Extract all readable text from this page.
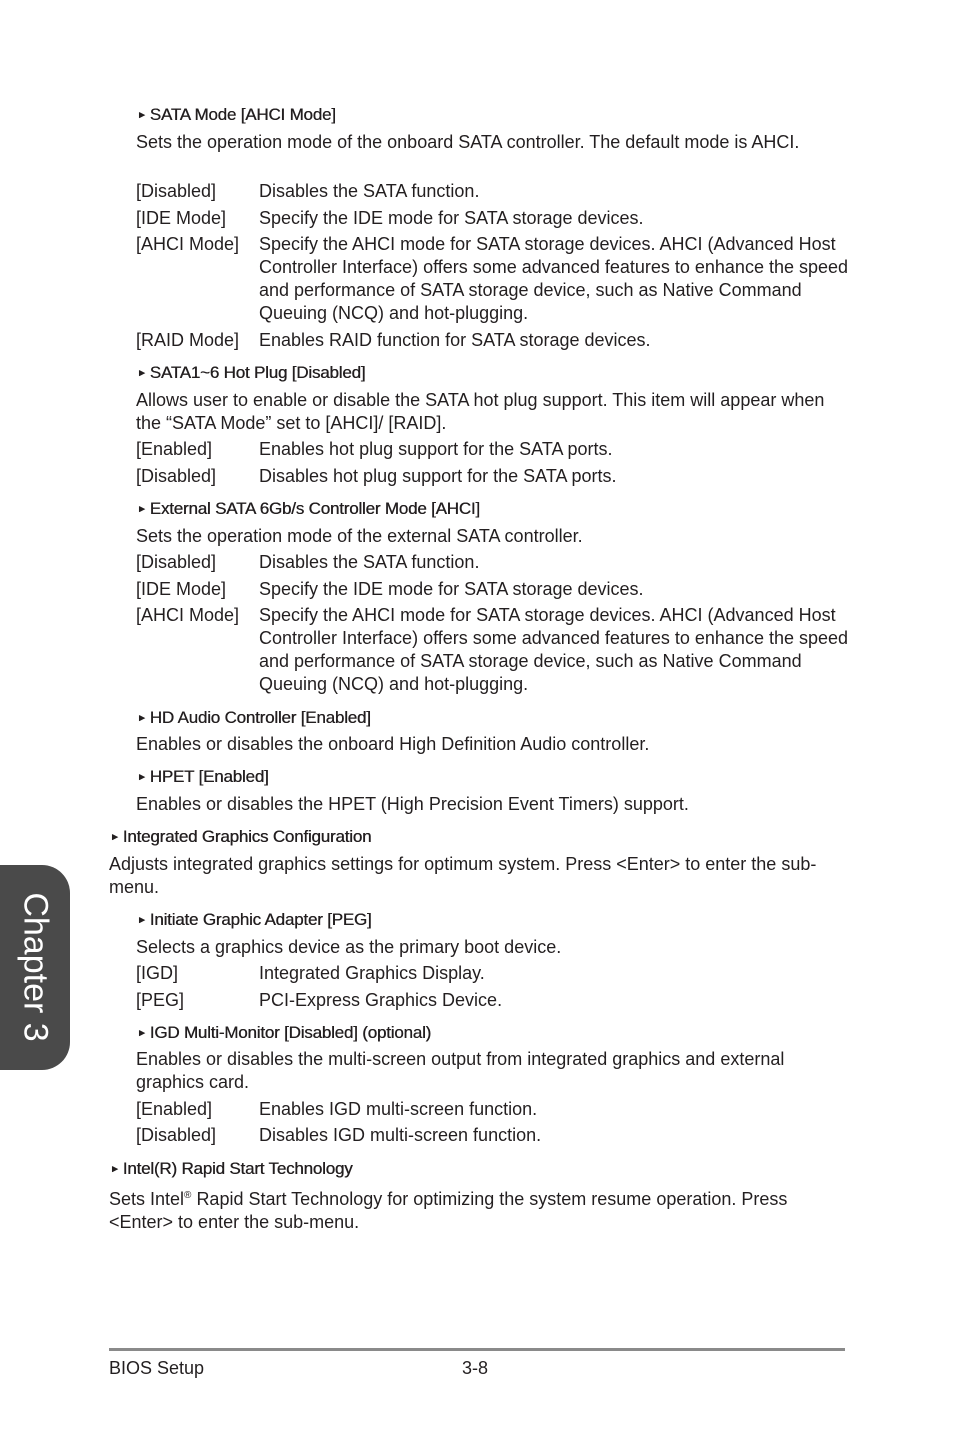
► SATA Mode [AHCI Mode]
Sets the operation mode of the onboard SATA controller. The default mode is AHCI.
[Disabled] Disables the SATA function.
[IDE Mode] Specify the IDE mode for SATA storage devices.
[AHCI Mode] Specify the AHCI mode for SATA storage devices. AHCI (Advanced Host Controller Interface) offers some advanced features to enhance the speed and performance of SATA storage device, such as Native Command Queuing (NCQ) and hot-plugging.
[RAID Mode] Enables RAID function for SATA storage devices.
► SATA1~6 Hot Plug [Disabled]
Allows user to enable or disable the SATA hot plug support. This item will appear when the “SATA Mode” set to [AHCI]/ [RAID].
[Enabled]	Enables hot plug support for the SATA ports.
[Disabled] Disables hot plug support for the SATA ports.
► External SATA 6Gb/s Controller Mode [AHCI]
Sets the operation mode of the external SATA controller.
[Disabled] Disables the SATA function.
[IDE Mode] Specify the IDE mode for SATA storage devices.
[AHCI Mode] Specify the AHCI mode for SATA storage devices. AHCI (Advanced Host Controller Interface) offers some advanced features to enhance the speed and performance of SATA storage device, such as Native Command Queuing (NCQ) and hot-plugging.
► HD Audio Controller [Enabled]
Enables or disables the onboard High Definition Audio controller.
► HPET [Enabled]
Enables or disables the HPET (High Precision Event Timers) support.
► Integrated Graphics Configuration
Adjusts integrated graphics settings for optimum system. Press <Enter> to enter the sub-menu.
► Initiate Graphic Adapter [PEG]
Selects a graphics device as the primary boot device.
[IGD]	Integrated Graphics Display.
[PEG]	PCI-Express Graphics Device.
► IGD Multi-Monitor [Disabled] (optional)
Enables or disables the multi-screen output from integrated graphics and external graphics card.
[Enabled]	Enables IGD multi-screen function.
[Disabled] Disables IGD multi-screen function.
► Intel(R) Rapid Start Technology
Sets Intel® Rapid Start Technology for optimizing the system resume operation. Press <Enter> to enter the sub-menu.
Chapter 3
BIOS Setup	3-8
